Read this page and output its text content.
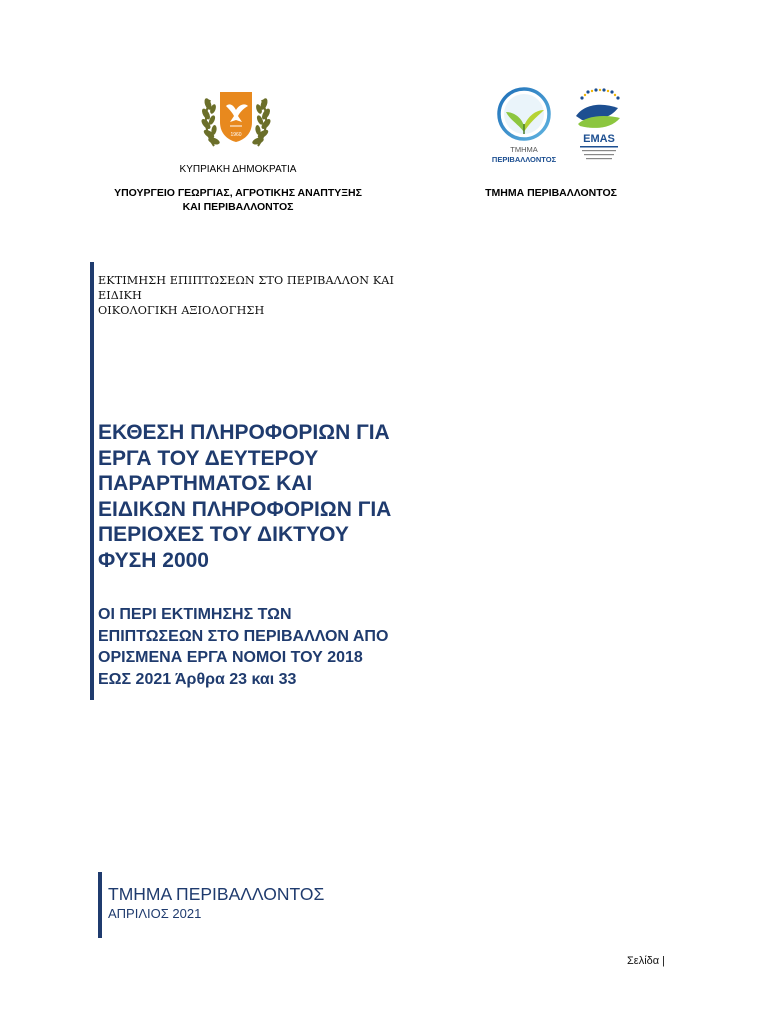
1960
ΚΥΠΡΙΑΚΗ ΔΗΜΟΚΡΑΤΙΑ
ΥΠΟΥΡΓΕΙΟ ΓΕΩΡΓΙΑΣ, ΑΓΡΟΤΙΚΗΣ ΑΝΑΠΤΥΞΗΣ
ΚΑΙ ΠΕΡΙΒΑΛΛΟΝΤΟΣ
ΤΜΗΜΑ
ΠΕΡΙΒΑΛΛΟΝΤΟΣ
EMAS
ΤΜΗΜΑ ΠΕΡΙΒΑΛΛΟΝΤΟΣ
ΕΚΤΙΜΗΣΗ ΕΠΙΠΤΩΣΕΩΝ ΣΤΟ ΠΕΡΙΒΑΛΛΟΝ ΚΑΙ ΕΙΔΙΚΗ
ΟΙΚΟΛΟΓΙΚΗ ΑΞΙΟΛΟΓΗΣΗ
ΕΚΘΕΣΗ ΠΛΗΡΟΦΟΡΙΩΝ ΓΙΑ
ΕΡΓΑ ΤΟΥ ΔΕΥΤΕΡΟΥ
ΠΑΡΑΡΤΗΜΑΤΟΣ ΚΑΙ
ΕΙΔΙΚΩΝ ΠΛΗΡΟΦΟΡΙΩΝ ΓΙΑ
ΠΕΡΙΟΧΕΣ ΤΟΥ ΔΙΚΤΥΟΥ
ΦΥΣΗ 2000
ΟΙ ΠΕΡΙ ΕΚΤΙΜΗΣΗΣ ΤΩΝ
ΕΠΙΠΤΩΣΕΩΝ ΣΤΟ ΠΕΡΙΒΑΛΛΟΝ ΑΠΟ
ΟΡΙΣΜΕΝΑ ΕΡΓΑ ΝΟΜΟΙ ΤΟΥ 2018
ΕΩΣ 2021 Άρθρα 23 και 33
ΤΜΗΜΑ ΠΕΡΙΒΑΛΛΟΝΤΟΣ
ΑΠΡΙΛΙΟΣ 2021
Σελίδα |
